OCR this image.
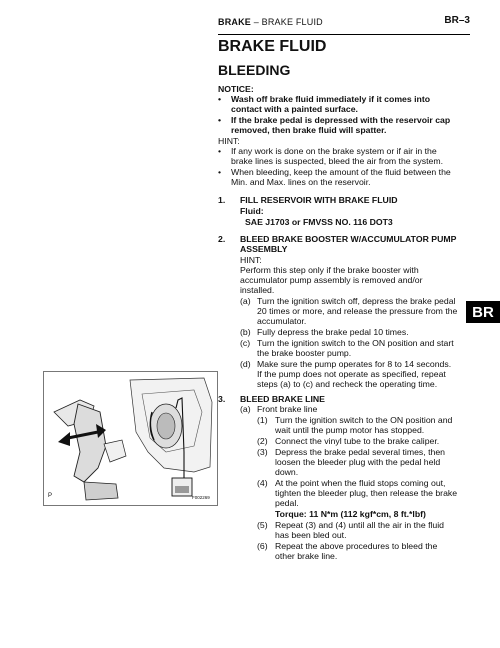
BRAKE – BRAKE FLUID	BR–3
BRAKE FLUID
BLEEDING
NOTICE:
• Wash off brake fluid immediately if it comes into
contact with a painted surface.
• If the brake pedal is depressed with the reservoir cap
removed, then brake fluid will spatter.
HINT:
• If any work is done on the brake system or if air in the
brake lines is suspected, bleed the air from the system.
• When bleeding, keep the amount of the fluid between the
Min. and Max. lines on the reservoir.
1. FILL RESERVOIR WITH BRAKE FLUID
Fluid:
SAE J1703 or FMVSS NO. 116 DOT3
2. BLEED BRAKE BOOSTER W/ACCUMULATOR PUMP
ASSEMBLY
HINT:
Perform this step only if the brake booster with
accumulator pump assembly is removed and/or
installed.
(a) Turn the ignition switch off, depress the brake pedal
20 times or more, and release the pressure from the
accumulator.
(b) Fully depress the brake pedal 10 times.
(c) Turn the ignition switch to the ON position and start
the brake booster pump.
(d) Make sure the pump operates for 8 to 14 seconds.
If the pump does not operate as specified, repeat
steps (a) to (c) and recheck the operating time.
BR
P	F002269
3. BLEED BRAKE LINE
(a) Front brake line
(1) Turn the ignition switch to the ON position and
wait until the pump motor has stopped.
(2) Connect the vinyl tube to the brake caliper.
(3) Depress the brake pedal several times, then
loosen the bleeder plug with the pedal held
down.
(4) At the point when the fluid stops coming out,
tighten the bleeder plug, then release the brake
pedal.
Torque: 11 N*m (112 kgf*cm, 8 ft.*lbf)
(5) Repeat (3) and (4) until all the air in the fluid
has been bled out.
(6) Repeat the above procedures to bleed the
other brake line.
